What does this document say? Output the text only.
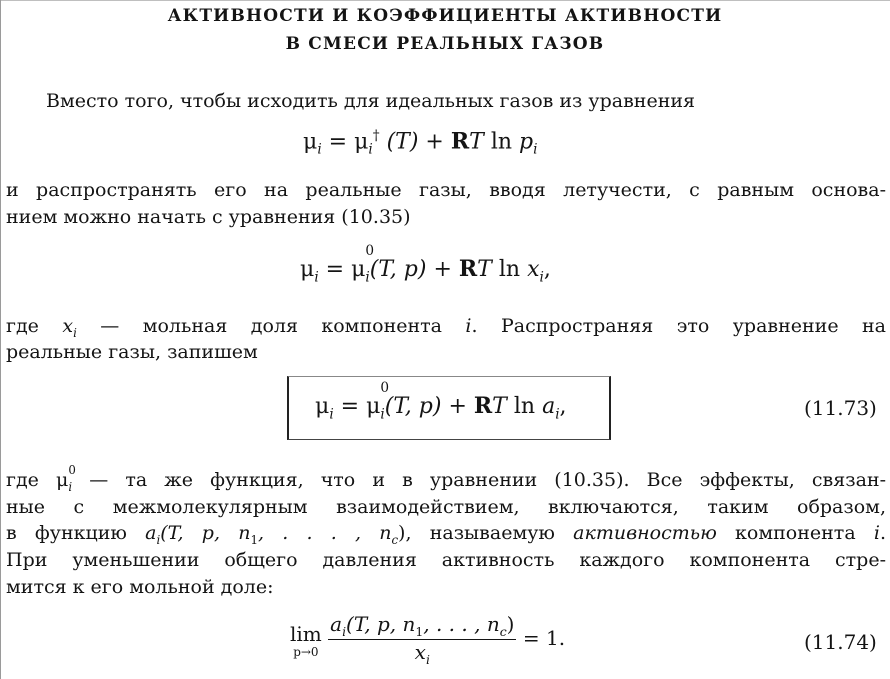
АКТИВНОСТИ И КОЭФФИЦИЕНТЫ АКТИВНОСТИ
В СМЕСИ РЕАЛЬНЫХ ГАЗОВ
Вместо того, чтобы исходить для идеальных газов из уравнения
$\mu_i = \mu_i^\dagger$ (T) + RT $\ln p_i$
и распространять его на реальные газы, вводя летучести, с равным основа-
нием можно начать с уравнения (10.35)
$\mu_i = \mu$
0
$_i$(T, p) + RT $\ln x_i$,
где $x_i$ — мольная доля компонента i. Распространяя это уравнение на
реальные газы, запишем
$\mu_i = \mu$
0
$_i$(T, p) + RT $\ln a_i$,	(11.73)
где μ 0
$_i$ — та же функция, что и в уравнении (10.35). Все эффекты, связан-
ные с межмолекулярным взаимодействием, включаются, таким образом,
в функцию $a_i(T$, p, $n_1$, . . . , $n_c$), называемую активностью компонента i.
При уменьшении общего давления активность каждого компонента стре-
мится к его мольной доле:
lim
p→0
$\frac{a_i(T, p, n_1, . . . , n_c)}{x_i} = 1$.	(11.74)
